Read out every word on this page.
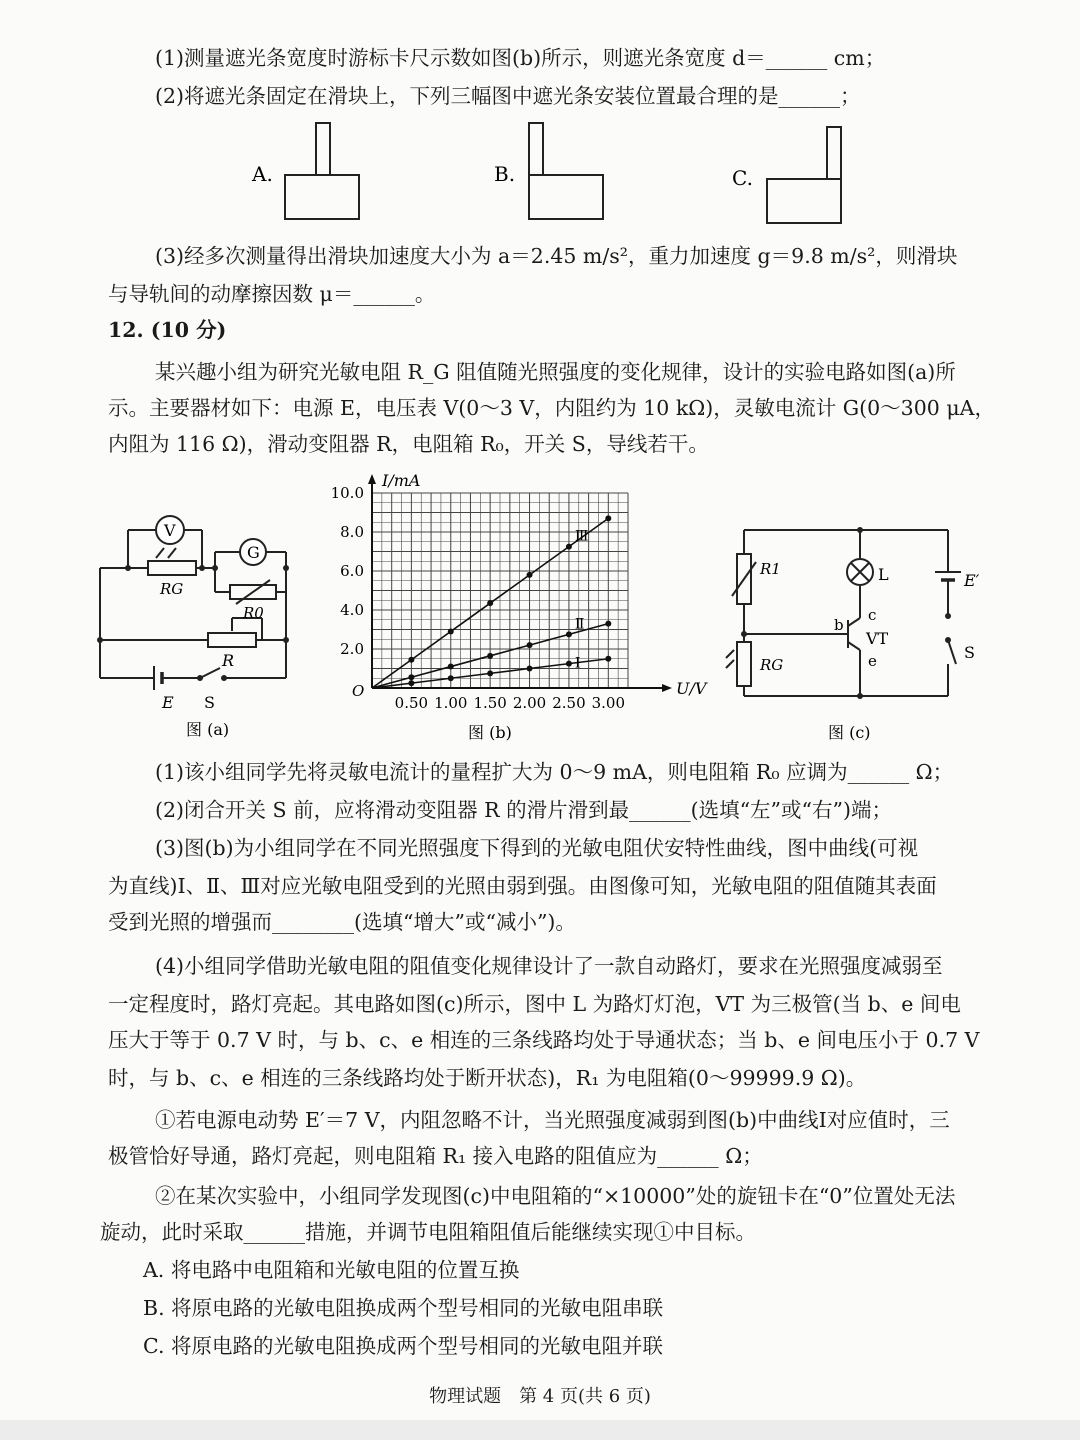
(1)测量遮光条宽度时游标卡尺示数如图(b)所示，则遮光条宽度 d＝______ cm；
(2)将遮光条固定在滑块上，下列三幅图中遮光条安装位置最合理的是______；
A.	B.	C.
(3)经多次测量得出滑块加速度大小为 a＝2.45 m/s²，重力加速度 g＝9.8 m/s²，则滑块
与导轨间的动摩擦因数 μ＝______。
12. (10 分)
某兴趣小组为研究光敏电阻 R_G 阻值随光照强度的变化规律，设计的实验电路如图(a)所
示。主要器材如下：电源 E，电压表 V(0～3 V，内阻约为 10 kΩ)，灵敏电流计 G(0～300 μA，
内阻为 116 Ω)，滑动变阻器 R，电阻箱 R₀，开关 S，导线若干。
V
G
RG
R0
R
E S
图 (a)
I/mA
U/V
O
图 (b)
0.50 1.00 1.50 2.00 2.50 3.00
2.0
4.0
6.0
8.0
10.0
Ⅰ
Ⅱ
Ⅲ
R1
RG
L
c
b
VT
e
E′
S
图 (c)
(1)该小组同学先将灵敏电流计的量程扩大为 0～9 mA，则电阻箱 R₀ 应调为______ Ω；
(2)闭合开关 S 前，应将滑动变阻器 R 的滑片滑到最______(选填“左”或“右”)端；
(3)图(b)为小组同学在不同光照强度下得到的光敏电阻伏安特性曲线，图中曲线(可视
为直线)Ⅰ、Ⅱ、Ⅲ对应光敏电阻受到的光照由弱到强。由图像可知，光敏电阻的阻值随其表面
受到光照的增强而________(选填“增大”或“减小”)。
(4)小组同学借助光敏电阻的阻值变化规律设计了一款自动路灯，要求在光照强度减弱至
一定程度时，路灯亮起。其电路如图(c)所示，图中 L 为路灯灯泡，VT 为三极管(当 b、e 间电
压大于等于 0.7 V 时，与 b、c、e 相连的三条线路均处于导通状态；当 b、e 间电压小于 0.7 V
时，与 b、c、e 相连的三条线路均处于断开状态)，R₁ 为电阻箱(0～99999.9 Ω)。
①若电源电动势 E′＝7 V，内阻忽略不计，当光照强度减弱到图(b)中曲线Ⅰ对应值时，三
极管恰好导通，路灯亮起，则电阻箱 R₁ 接入电路的阻值应为______ Ω；
②在某次实验中，小组同学发现图(c)中电阻箱的“×10000”处的旋钮卡在“0”位置处无法
旋动，此时采取______措施，并调节电阻箱阻值后能继续实现①中目标。
A. 将电路中电阻箱和光敏电阻的位置互换
B. 将原电路的光敏电阻换成两个型号相同的光敏电阻串联
C. 将原电路的光敏电阻换成两个型号相同的光敏电阻并联
物理试题　第 4 页(共 6 页)
